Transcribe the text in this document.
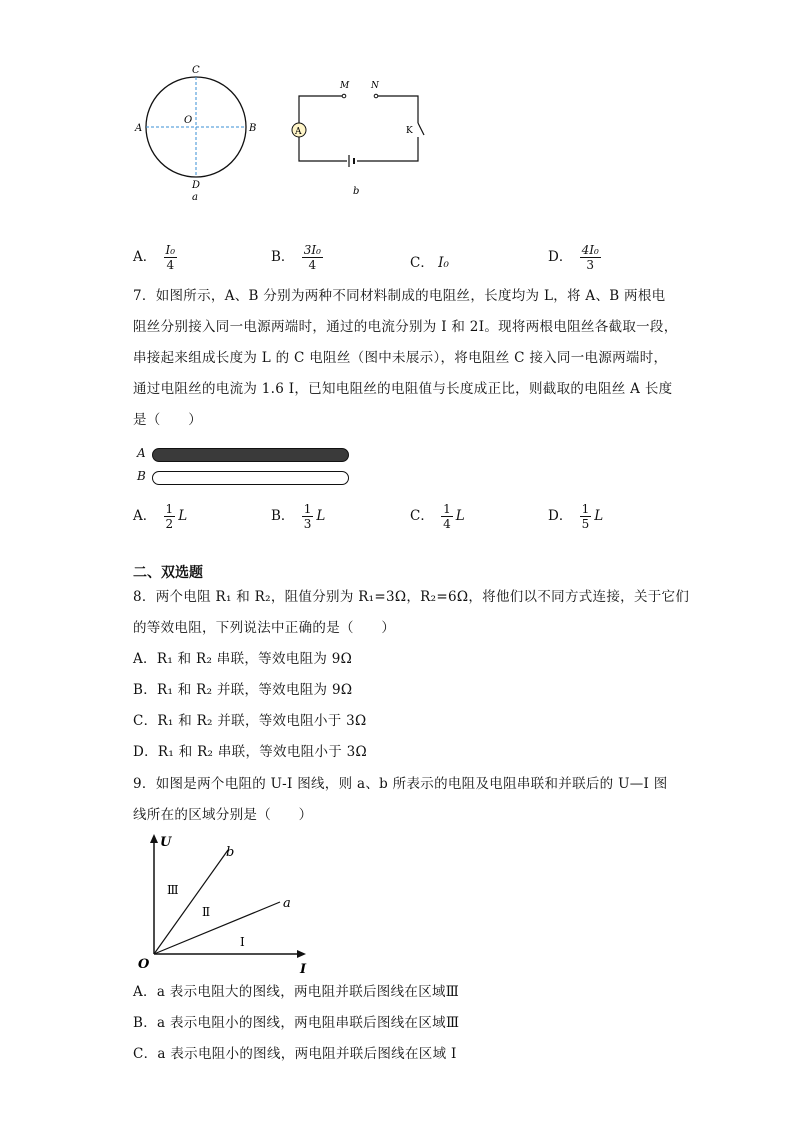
C
O
A	B
D
a
A
M N
K
b
A． $\frac{\text{I₀}}{4}$	B． $\frac{\text{3I₀}}{4}$	C． I₀	D． $\frac{\text{4I₀}}{3}$
7．如图所示，A、B 分别为两种不同材料制成的电阻丝，长度均为 L，将 A、B 两根电
阻丝分别接入同一电源两端时，通过的电流分别为 I 和 2I。现将两根电阻丝各截取一段，
串接起来组成长度为 L 的 C 电阻丝（图中未展示），将电阻丝 C 接入同一电源两端时，
通过电阻丝的电流为 1.6 I，已知电阻丝的电阻值与长度成正比，则截取的电阻丝 A 长度
是（　　）
A
B
A． $\frac{1}{2}$ L	B． $\frac{1}{3}$ L	C． $\frac{1}{4}$ L	D． $\frac{1}{5}$ L
二、双选题
8．两个电阻 R₁ 和 R₂，阻值分别为 R₁=3Ω，R₂=6Ω，将他们以不同方式连接，关于它们
的等效电阻，下列说法中正确的是（　　）
A．R₁ 和 R₂ 串联，等效电阻为 9Ω
B．R₁ 和 R₂ 并联，等效电阻为 9Ω
C．R₁ 和 R₂ 并联，等效电阻小于 3Ω
D．R₁ 和 R₂ 串联，等效电阻小于 3Ω
9．如图是两个电阻的 U-I 图线，则 a、b 所表示的电阻及电阻串联和并联后的 U—I 图
线所在的区域分别是（　　）
U
I
O
b
a
Ⅲ
Ⅱ
Ⅰ
A．a 表示电阻大的图线，两电阻并联后图线在区域Ⅲ
B．a 表示电阻小的图线，两电阻串联后图线在区域Ⅲ
C．a 表示电阻小的图线，两电阻并联后图线在区域 Ⅰ
